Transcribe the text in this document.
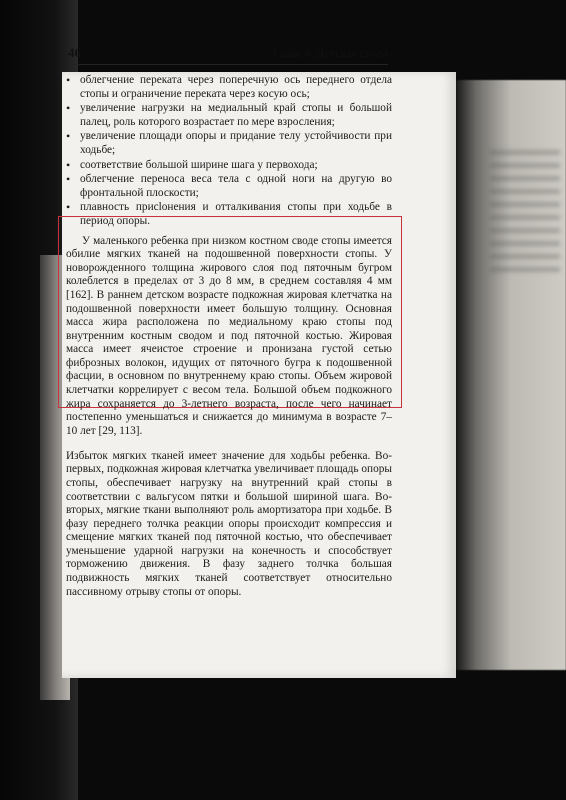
46	Глава 4. Детская стопа
• облегчение переката через поперечную ось переднего отдела стопы и ограничение переката через косую ось;
• увеличение нагрузки на медиальный край стопы и большой палец, роль которого возрастает по мере взросления;
• увеличение площади опоры и придание телу устойчивости при ходьбе;
• соответствие большой ширине шага у первохода;
• облегчение переноса веса тела с одной ноги на другую во фронтальной плоскости;
• плавность присloнения и отталкивания стопы при ходьбе в период опоры.

У маленького ребенка при низком костном своде стопы имеется обилие мягких тканей на подошвенной поверхности стопы. У новорожденного толщина жирового слоя под пяточным бугром колеблется в пределах от 3 до 8 мм, в среднем составляя 4 мм [162]. В раннем детском возрасте подкожная жировая клетчатка на подошвенной поверхности имеет большую толщину. Основная масса жира расположена по медиальному краю стопы под внутренним костным сводом и под пяточной костью. Жировая масса имеет ячеистое строение и пронизана густой сетью фиброзных волокон, идущих от пяточного бугра к подошвенной фасции, в основном по внутреннему краю стопы. Объем жировой клетчатки коррелирует с весом тела. Большой объем подкожного жира сохраняется до 3-летнего возраста, после чего начинает постепенно уменьшаться и снижается до минимума в возрасте 7–10 лет [29, 113].

Избыток мягких тканей имеет значение для ходьбы ребенка. Во-первых, подкожная жировая клетчатка увеличивает площадь опоры стопы, обеспечивает нагрузку на внутренний край стопы в соответствии с вальгусом пятки и большой шириной шага. Во-вторых, мягкие ткани выполняют роль амортизатора при ходьбе. В фазу переднего толчка реакции опоры происходит компрессия и смещение мягких тканей под пяточной костью, что обеспечивает уменьшение ударной нагрузки на конечность и способствует торможению движения. В фазу заднего толчка большая подвижность мягких тканей соответствует относительно пассивному отрыву стопы от опоры.
